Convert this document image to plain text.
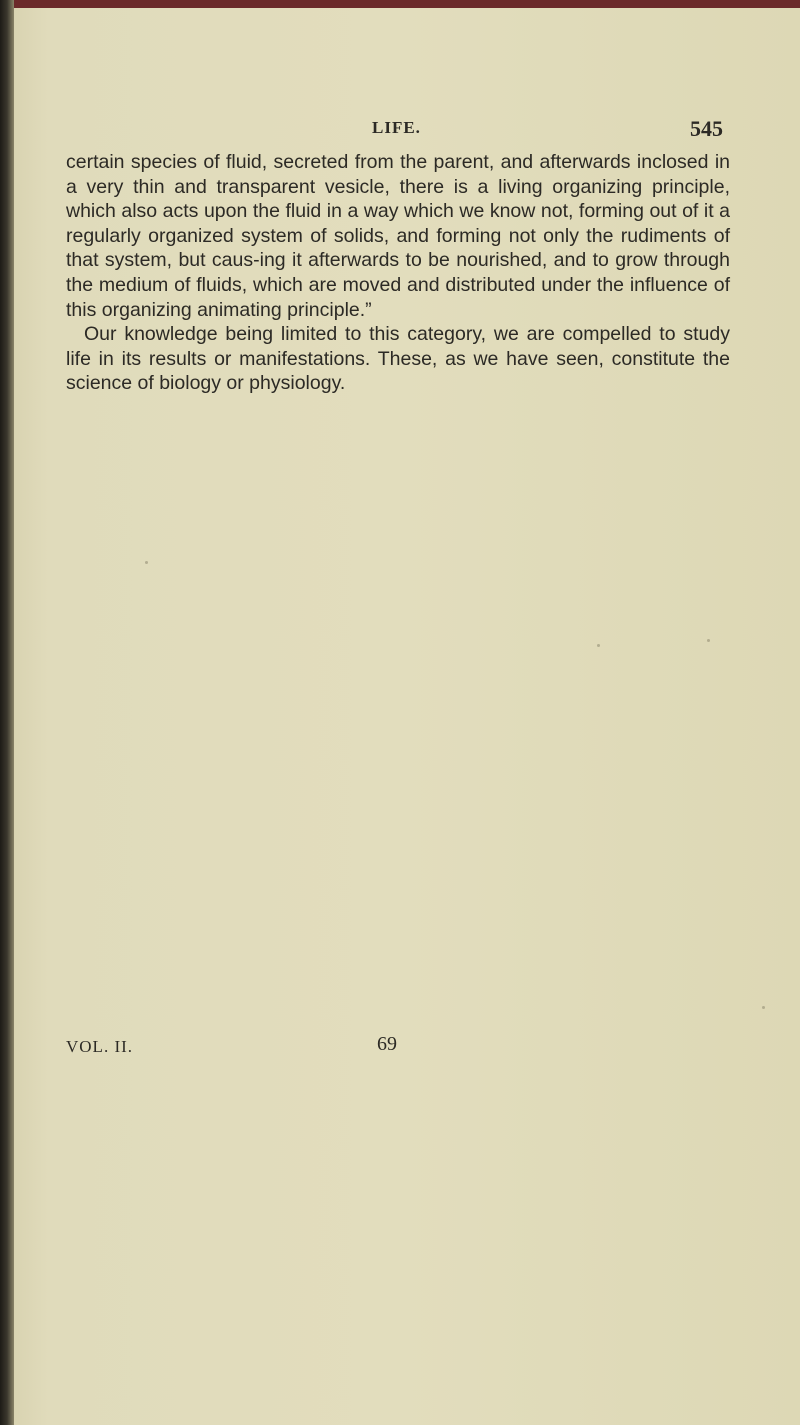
LIFE.	545

certain species of fluid, secreted from the parent, and afterwards inclosed in a very thin and transparent vesicle, there is a living organizing principle, which also acts upon the fluid in a way which we know not, forming out of it a regularly organized system of solids, and forming not only the rudiments of that system, but caus-ing it afterwards to be nourished, and to grow through the medium of fluids, which are moved and distributed under the influence of this organizing animating principle.”

Our knowledge being limited to this category, we are compelled to study life in its results or manifestations. These, as we have seen, constitute the science of biology or physiology.

VOL. II.	69
